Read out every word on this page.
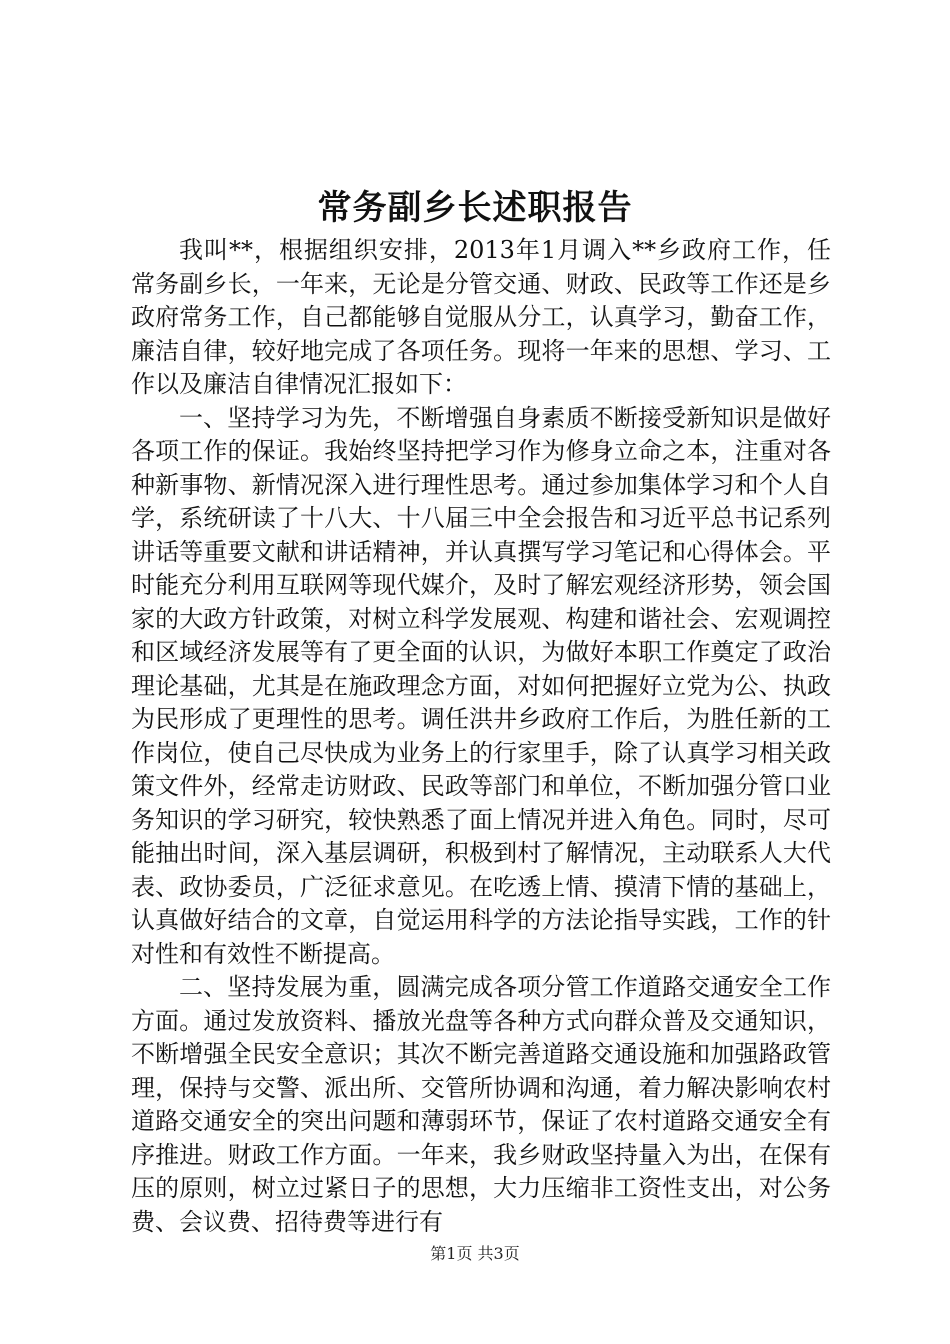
常务副乡长述职报告

我叫**，根据组织安排，2013年1月调入**乡政府工作，任常务副乡长，一年来，无论是分管交通、财政、民政等工作还是乡政府常务工作，自己都能够自觉服从分工，认真学习，勤奋工作，廉洁自律，较好地完成了各项任务。现将一年来的思想、学习、工作以及廉洁自律情况汇报如下：

一、坚持学习为先，不断增强自身素质不断接受新知识是做好各项工作的保证。我始终坚持把学习作为修身立命之本，注重对各种新事物、新情况深入进行理性思考。通过参加集体学习和个人自学，系统研读了十八大、十八届三中全会报告和习近平总书记系列讲话等重要文献和讲话精神，并认真撰写学习笔记和心得体会。平时能充分利用互联网等现代媒介，及时了解宏观经济形势，领会国家的大政方针政策，对树立科学发展观、构建和谐社会、宏观调控和区域经济发展等有了更全面的认识，为做好本职工作奠定了政治理论基础，尤其是在施政理念方面，对如何把握好立党为公、执政为民形成了更理性的思考。调任洪井乡政府工作后，为胜任新的工作岗位，使自己尽快成为业务上的行家里手，除了认真学习相关政策文件外，经常走访财政、民政等部门和单位，不断加强分管口业务知识的学习研究，较快熟悉了面上情况并进入角色。同时，尽可能抽出时间，深入基层调研，积极到村了解情况，主动联系人大代表、政协委员，广泛征求意见。在吃透上情、摸清下情的基础上，认真做好结合的文章，自觉运用科学的方法论指导实践，工作的针对性和有效性不断提高。

二、坚持发展为重，圆满完成各项分管工作道路交通安全工作方面。通过发放资料、播放光盘等各种方式向群众普及交通知识，不断增强全民安全意识；其次不断完善道路交通设施和加强路政管理，保持与交警、派出所、交管所协调和沟通，着力解决影响农村道路交通安全的突出问题和薄弱环节，保证了农村道路交通安全有序推进。财政工作方面。一年来，我乡财政坚持量入为出，在保有压的原则，树立过紧日子的思想，大力压缩非工资性支出，对公务费、会议费、招待费等进行有

第1页 共3页
